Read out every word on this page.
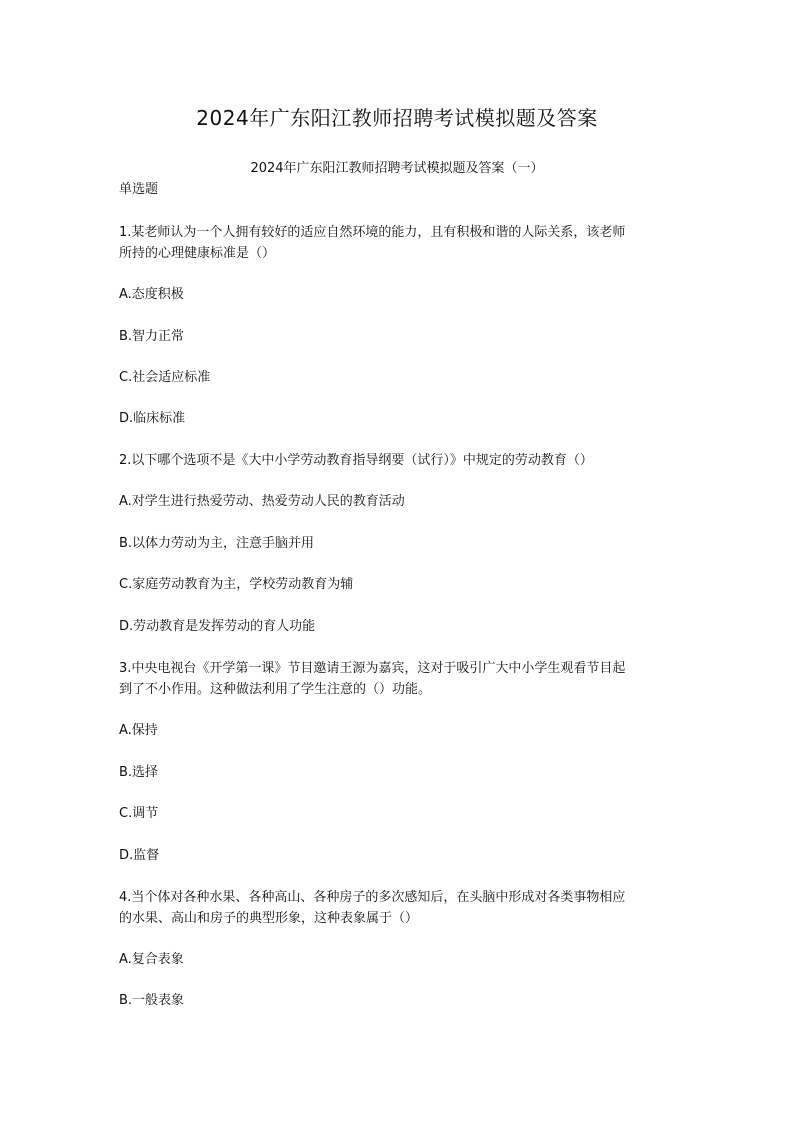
2024年广东阳江教师招聘考试模拟题及答案
2024年广东阳江教师招聘考试模拟题及答案（一）
单选题
1.某老师认为一个人拥有较好的适应自然环境的能力，且有积极和谐的人际关系，该老师
所持的心理健康标准是（）
A.态度积极
B.智力正常
C.社会适应标准
D.临床标准
2.以下哪个选项不是《大中小学劳动教育指导纲要（试行）》中规定的劳动教育（）
A.对学生进行热爱劳动、热爱劳动人民的教育活动
B.以体力劳动为主，注意手脑并用
C.家庭劳动教育为主，学校劳动教育为辅
D.劳动教育是发挥劳动的育人功能
3.中央电视台《开学第一课》节目邀请王源为嘉宾，这对于吸引广大中小学生观看节目起
到了不小作用。这种做法利用了学生注意的（）功能。
A.保持
B.选择
C.调节
D.监督
4.当个体对各种水果、各种高山、各种房子的多次感知后，在头脑中形成对各类事物相应
的水果、高山和房子的典型形象，这种表象属于（）
A.复合表象
B.一般表象
